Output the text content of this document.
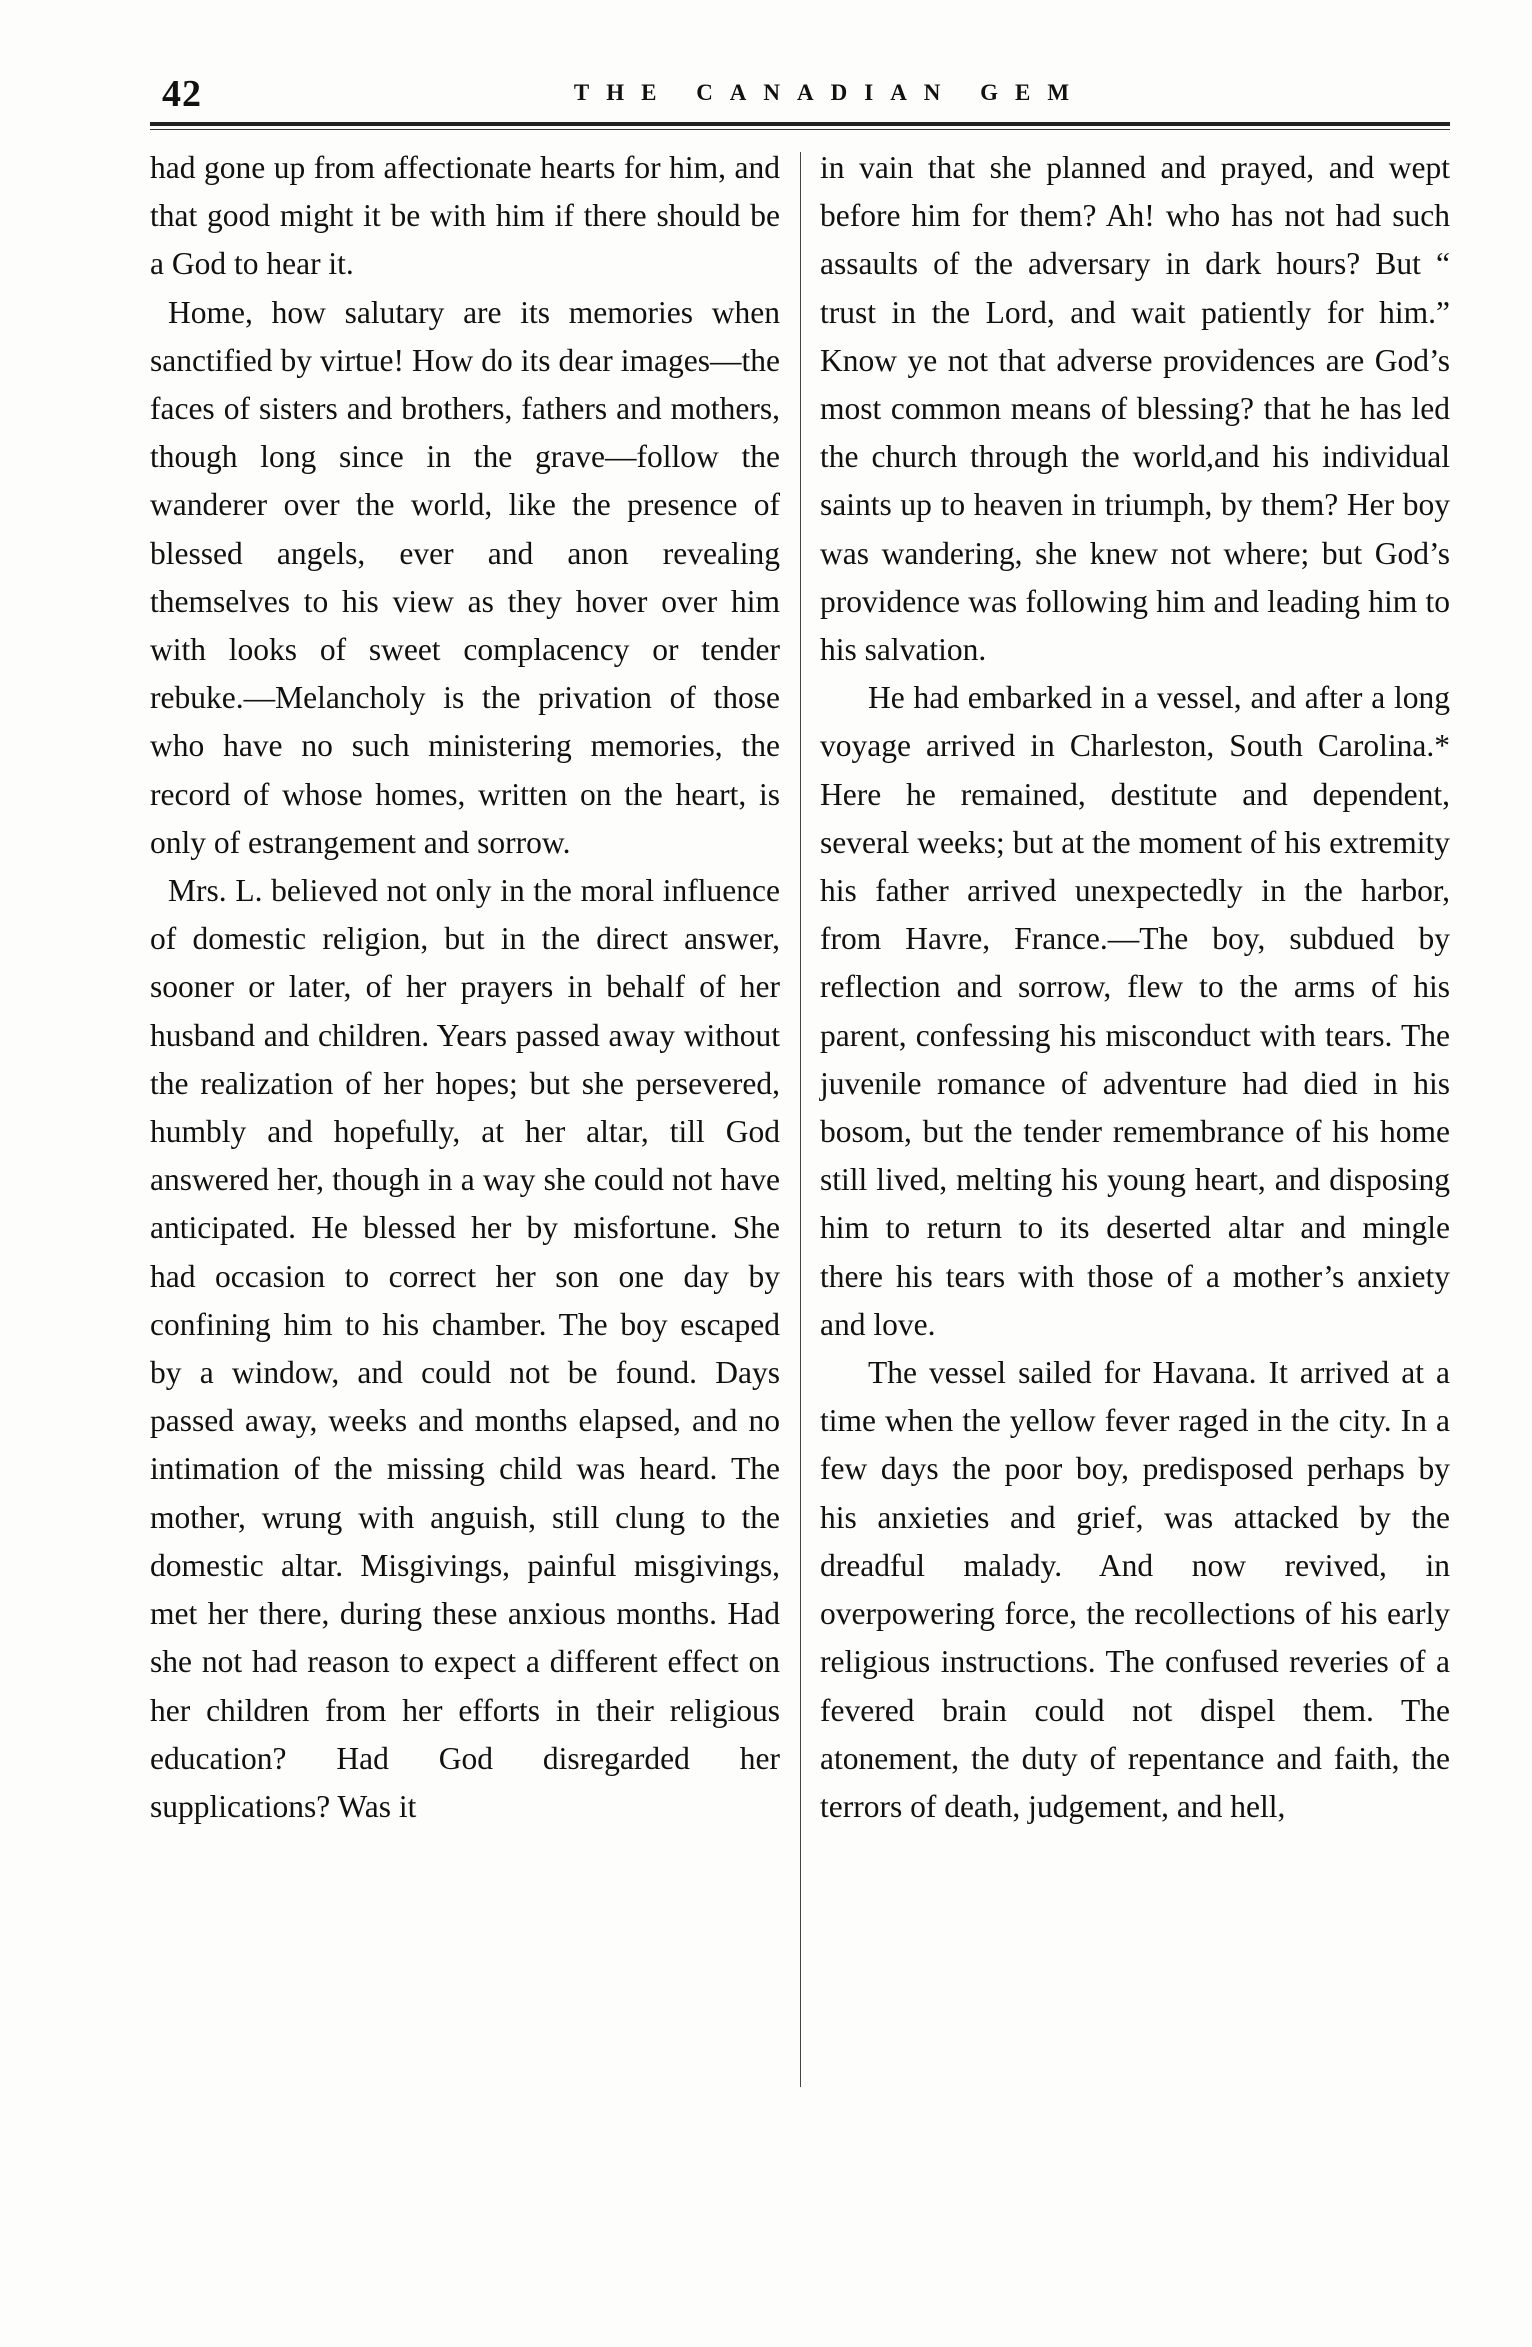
42	THE CANADIAN GEM

had gone up from affectionate hearts for him, and that good might it be with him if there should be a God to hear it.

Home, how salutary are its memories when sanctified by virtue! How do its dear images—the faces of sisters and brothers, fathers and mothers, though long since in the grave—follow the wanderer over the world, like the presence of blessed angels, ever and anon revealing themselves to his view as they hover over him with looks of sweet complacency or tender rebuke.—Melancholy is the privation of those who have no such ministering memories, the record of whose homes, written on the heart, is only of estrangement and sorrow.

Mrs. L. believed not only in the moral influence of domestic religion, but in the direct answer, sooner or later, of her prayers in behalf of her husband and children. Years passed away without the realization of her hopes; but she persevered, humbly and hopefully, at her altar, till God answered her, though in a way she could not have anticipated. He blessed her by misfortune. She had occasion to correct her son one day by confining him to his chamber. The boy escaped by a window, and could not be found. Days passed away, weeks and months elapsed, and no intimation of the missing child was heard. The mother, wrung with anguish, still clung to the domestic altar. Misgivings, painful misgivings, met her there, during these anxious months. Had she not had reason to expect a different effect on her children from her efforts in their religious education? Had God disregarded her supplications? Was it

in vain that she planned and prayed, and wept before him for them? Ah! who has not had such assaults of the adversary in dark hours? But “ trust in the Lord, and wait patiently for him.” Know ye not that adverse providences are God’s most common means of blessing? that he has led the church through the world,and his individual saints up to heaven in triumph, by them? Her boy was wandering, she knew not where; but God’s providence was following him and leading him to his salvation.

He had embarked in a vessel, and after a long voyage arrived in Charleston, South Carolina.* Here he remained, destitute and dependent, several weeks; but at the moment of his extremity his father arrived unexpectedly in the harbor, from Havre, France.—The boy, subdued by reflection and sorrow, flew to the arms of his parent, confessing his misconduct with tears. The juvenile romance of adventure had died in his bosom, but the tender remembrance of his home still lived, melting his young heart, and disposing him to return to its deserted altar and mingle there his tears with those of a mother’s anxiety and love.

The vessel sailed for Havana. It arrived at a time when the yellow fever raged in the city. In a few days the poor boy, predisposed perhaps by his anxieties and grief, was attacked by the dreadful malady. And now revived, in overpowering force, the recollections of his early religious instructions. The confused reveries of a fevered brain could not dispel them. The atonement, the duty of repentance and faith, the terrors of death, judgement, and hell,
